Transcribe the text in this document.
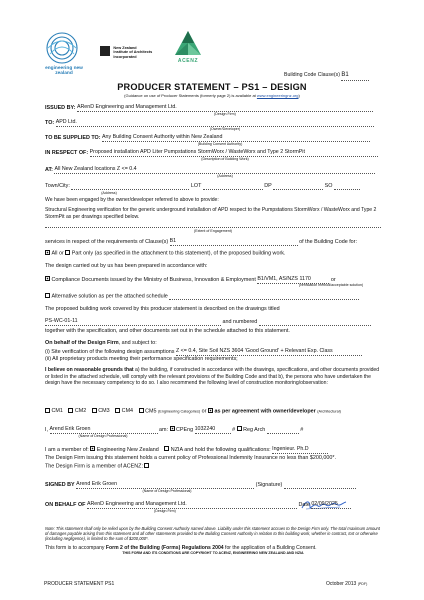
engineering new zealand
New Zealand
Institute of Architects
Incorporated
ACENZ
Building Code Clause(s) B1
PRODUCER STATEMENT – PS1 – DESIGN
(Guidance on use of Producer Statements (formerly page 2) is available at www.engineeringnz.org)
ISSUED BY: ARenD Engineering and Management Ltd.
(Design Firm)
TO: APD Ltd.
(Owner/Developer)
TO BE SUPPLIED TO: Any Building Consent Authority within New Zealand
(Building Consent Authority)
IN RESPECT OF: Proposed installation APD Liter Pumpstations StormWorx / WasteWorx and Type 2 StormPit
(Description of Building Work)
AT: All New Zealand locations Z <= 0.4
(Address)
Town/City:	LOT	DP	SO
(Address)
We have been engaged by the owner/developer referred to above to provide:
Structural Engineering verification for the generic underground installation of APD respect to the Pumpstations StormWorx / WasteWorx and Type 2 StormPit as per drawings specified below.
(Extent of Engagement)
services in respect of the requirements of Clause(s) B1	of the Building Code for:
All or Part only (as specified in the attachment to this statement), of the proposed building work.
The design carried out by us has been prepared in accordance with:
Compliance Documents issued by the Ministry of Business, Innovation & Employment B1/VM1, AS/NZS 1170	or
(verification method/acceptable solution)
Alternative solution as per the attached schedule
The proposed building work covered by this producer statement is described on the drawings titled
PS-WC-01-11	and numbered
together with the specification, and other documents set out in the schedule attached to this statement.
On behalf of the Design Firm, and subject to:
(i) Site verification of the following design assumptions Z <= 0.4, Site Soil NZS 3604 'Good Ground' + Relevant Exp. Class
(ii) All proprietary products meeting their performance specification requirements;
I believe on reasonable grounds that a) the building, if constructed in accordance with the drawings, specifications, and other documents provided or listed in the attached schedule, will comply with the relevant provisions of the Building Code and that b), the persons who have undertaken the design have the necessary competency to do so. I also recommend the following level of construction monitoring/observation:
CM1 CM2 CM3 CM4 CM5 (Engineering Categories) or as per agreement with owner/developer (Architectural)
I, Arend Erik Groen	am: CPEng 1032240	# Reg Arch	#
(Name of Design Professional)
I am a member of: Engineering New Zealand NZIA and hold the following qualifications: Ingenieur. Ph.D
The Design Firm issuing this statement holds a current policy of Professional Indemnity Insurance no less than $200,000*.
The Design Firm is a member of ACENZ:
SIGNED BY Arend Erik Groen	(Signature)
(Name of Design Professional)
ON BEHALF OF ARenD Engineering and Management Ltd.	Date 02/09/2025
(Design Firm)
Note: This statement shall only be relied upon by the Building Consent Authority named above. Liability under this statement accrues to the Design Firm only. The total maximum amount of damages payable arising from this statement and all other statements provided to the Building Consent Authority in relation to this building work, whether in contract, tort or otherwise (including negligence), is limited to the sum of $200,000*.
This form is to accompany Form 2 of the Building (Forms) Regulations 2004 for the application of a Building Consent.
THIS FORM AND ITS CONDITIONS ARE COPYRIGHT TO ACENZ, ENGINEERING NEW ZEALAND AND NZIA
PRODUCER STATEMENT PS1	October 2013 (PDF)
